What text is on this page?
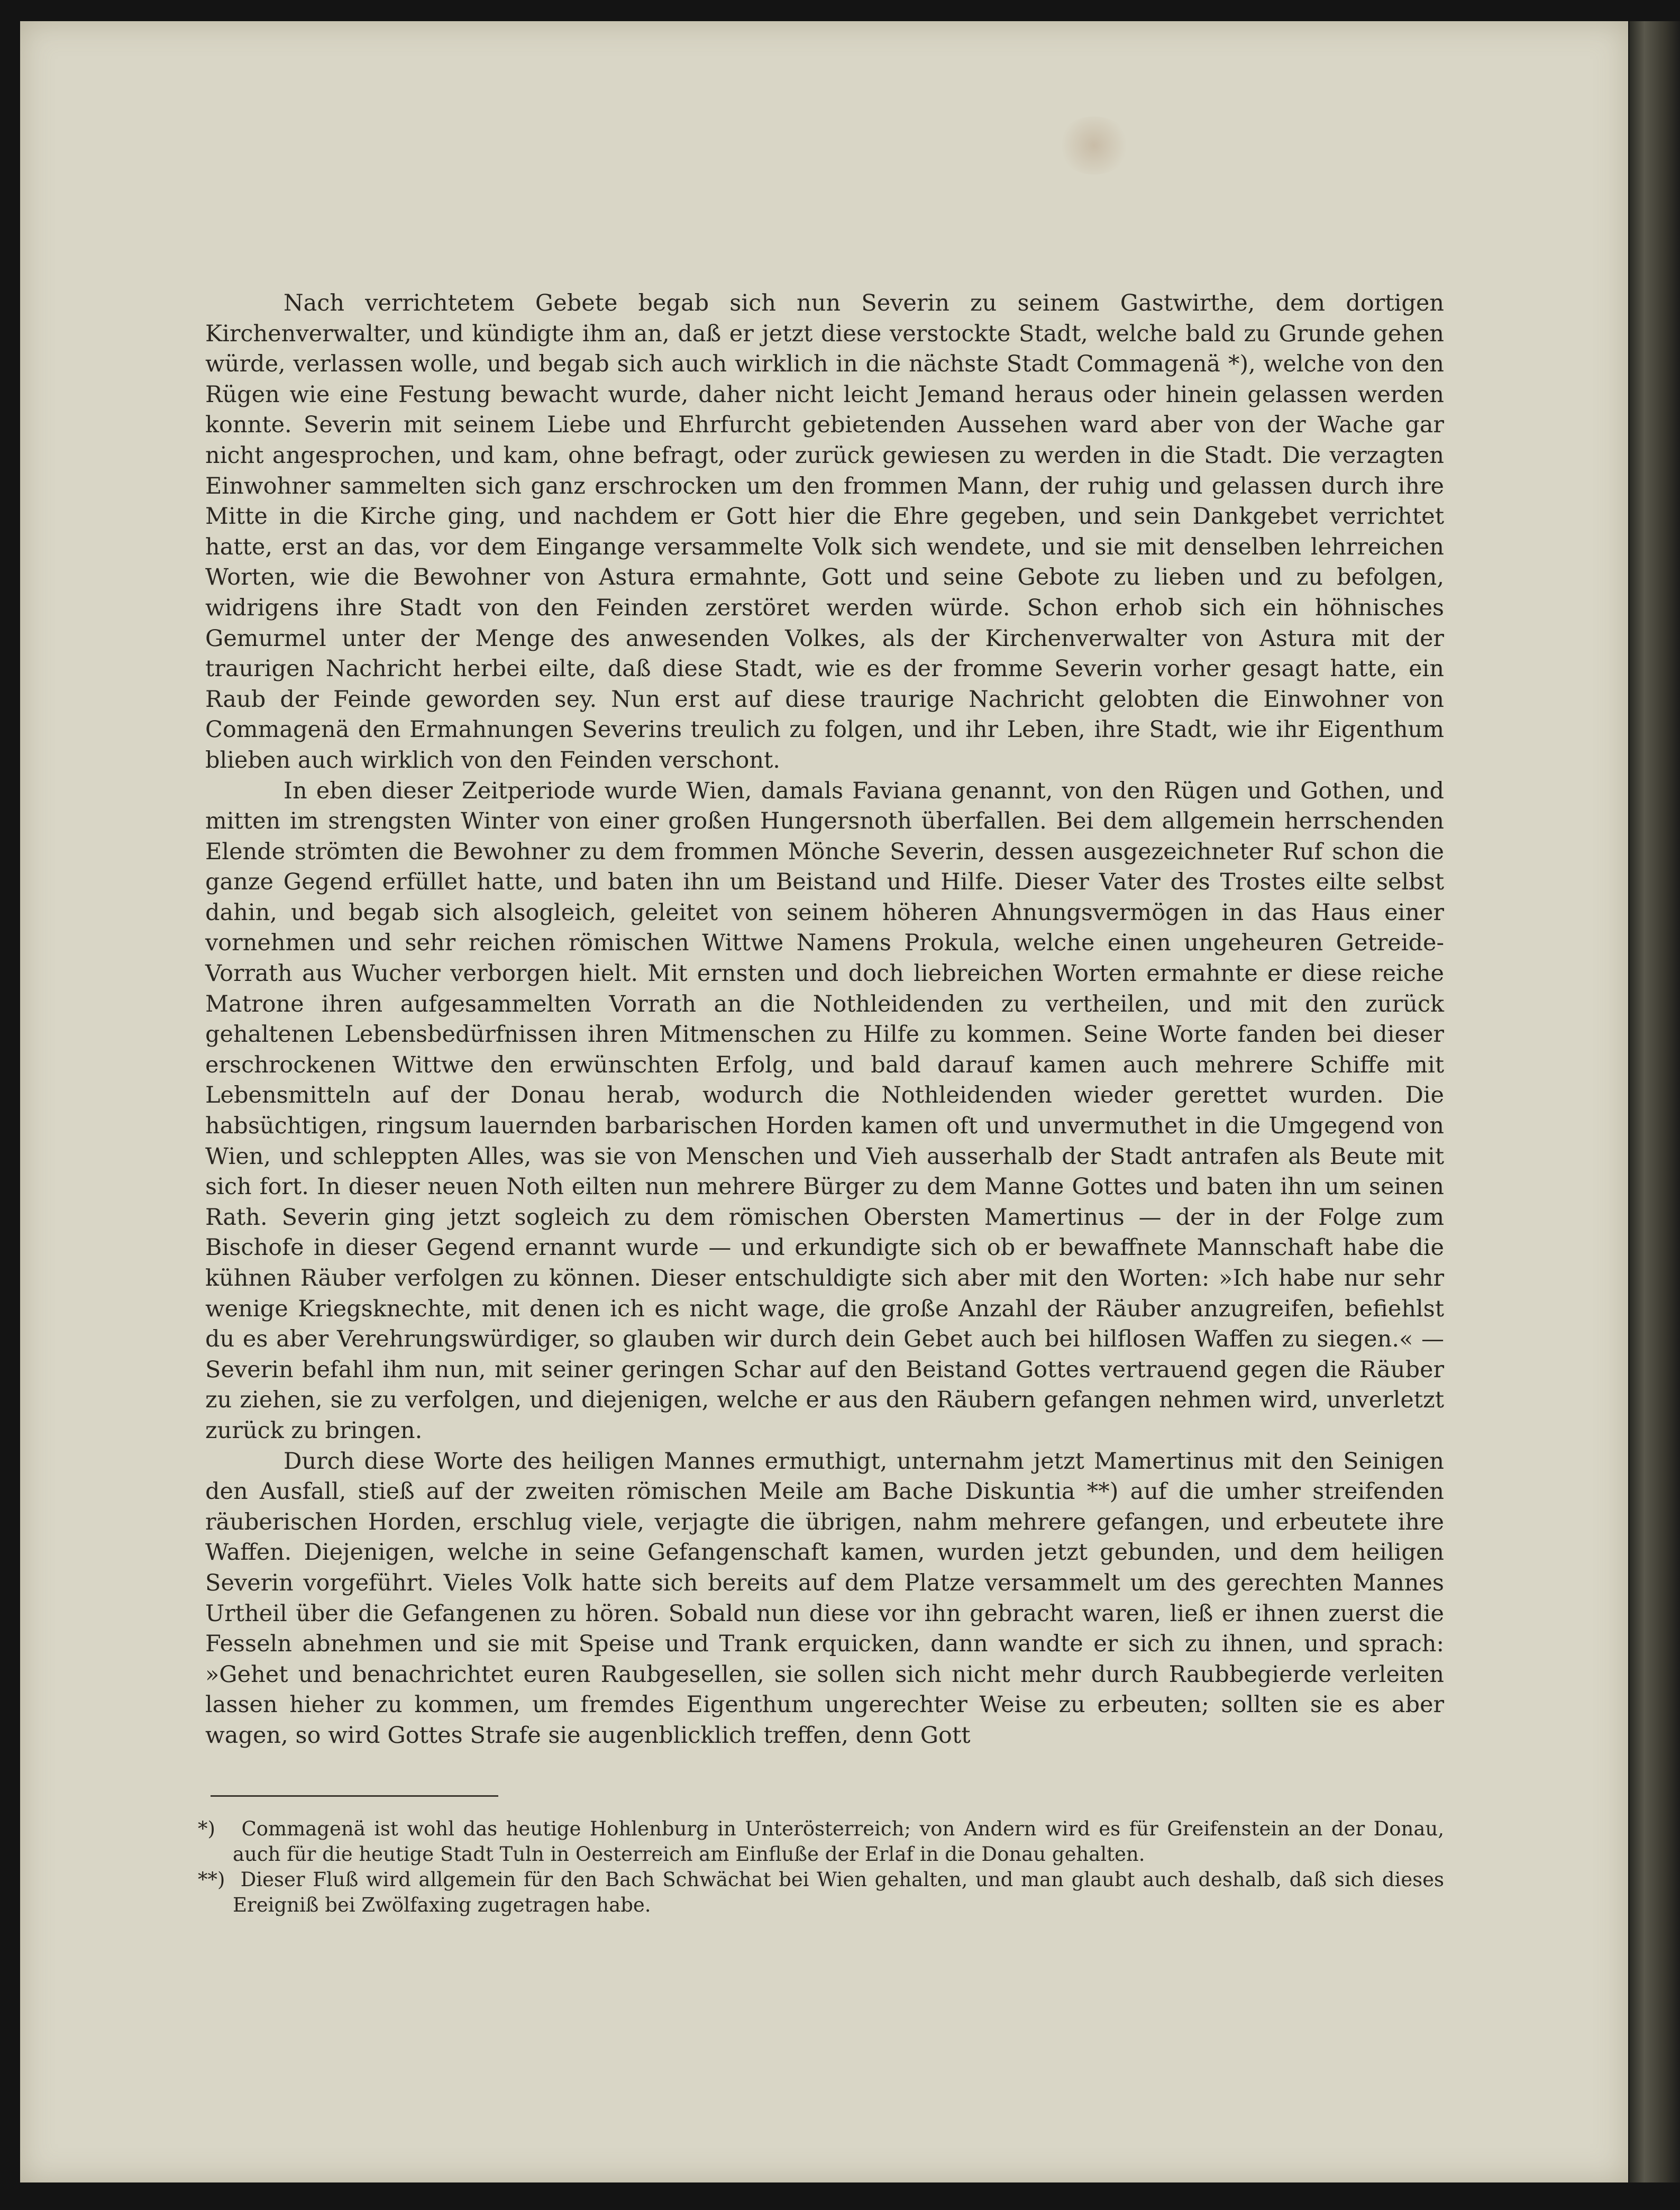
Nach verrichtetem Gebete begab sich nun Severin zu seinem Gastwirthe, dem dortigen Kirchenverwalter, und kündigte ihm an, daß er jetzt diese verstockte Stadt, welche bald zu Grunde gehen würde, verlassen wolle, und begab sich auch wirklich in die nächste Stadt Commagenä *), welche von den Rügen wie eine Festung bewacht wurde, daher nicht leicht Jemand heraus oder hinein gelassen werden konnte. Severin mit seinem Liebe und Ehrfurcht gebietenden Aussehen ward aber von der Wache gar nicht angesprochen, und kam, ohne befragt, oder zurück gewiesen zu werden in die Stadt. Die verzagten Einwohner sammelten sich ganz erschrocken um den frommen Mann, der ruhig und gelassen durch ihre Mitte in die Kirche ging, und nachdem er Gott hier die Ehre gegeben, und sein Dankgebet verrichtet hatte, erst an das, vor dem Eingange versammelte Volk sich wendete, und sie mit denselben lehrreichen Worten, wie die Bewohner von Astura ermahnte, Gott und seine Gebote zu lieben und zu befolgen, widrigens ihre Stadt von den Feinden zerstöret werden würde. Schon erhob sich ein höhnisches Gemurmel unter der Menge des anwesenden Volkes, als der Kirchenverwalter von Astura mit der traurigen Nachricht herbei eilte, daß diese Stadt, wie es der fromme Severin vorher gesagt hatte, ein Raub der Feinde geworden sey. Nun erst auf diese traurige Nachricht gelobten die Einwohner von Commagenä den Ermahnungen Severins treulich zu folgen, und ihr Leben, ihre Stadt, wie ihr Eigenthum blieben auch wirklich von den Feinden verschont.

In eben dieser Zeitperiode wurde Wien, damals Faviana genannt, von den Rügen und Gothen, und mitten im strengsten Winter von einer großen Hungersnoth überfallen. Bei dem allgemein herrschenden Elende strömten die Bewohner zu dem frommen Mönche Severin, dessen ausgezeichneter Ruf schon die ganze Gegend erfüllet hatte, und baten ihn um Beistand und Hilfe. Dieser Vater des Trostes eilte selbst dahin, und begab sich alsogleich, geleitet von seinem höheren Ahnungsvermögen in das Haus einer vornehmen und sehr reichen römischen Wittwe Namens Prokula, welche einen ungeheuren Getreide-Vorrath aus Wucher verborgen hielt. Mit ernsten und doch liebreichen Worten ermahnte er diese reiche Matrone ihren aufgesammelten Vorrath an die Nothleidenden zu vertheilen, und mit den zurück gehaltenen Lebensbedürfnissen ihren Mitmenschen zu Hilfe zu kommen. Seine Worte fanden bei dieser erschrockenen Wittwe den erwünschten Erfolg, und bald darauf kamen auch mehrere Schiffe mit Lebensmitteln auf der Donau herab, wodurch die Nothleidenden wieder gerettet wurden. Die habsüchtigen, ringsum lauernden barbarischen Horden kamen oft und unvermuthet in die Umgegend von Wien, und schleppten Alles, was sie von Menschen und Vieh ausserhalb der Stadt antrafen als Beute mit sich fort. In dieser neuen Noth eilten nun mehrere Bürger zu dem Manne Gottes und baten ihn um seinen Rath. Severin ging jetzt sogleich zu dem römischen Obersten Mamertinus — der in der Folge zum Bischofe in dieser Gegend ernannt wurde — und erkundigte sich ob er bewaffnete Mannschaft habe die kühnen Räuber verfolgen zu können. Dieser entschuldigte sich aber mit den Worten: »Ich habe nur sehr wenige Kriegsknechte, mit denen ich es nicht wage, die große Anzahl der Räuber anzugreifen, befiehlst du es aber Verehrungswürdiger, so glauben wir durch dein Gebet auch bei hilflosen Waffen zu siegen.« — Severin befahl ihm nun, mit seiner geringen Schar auf den Beistand Gottes vertrauend gegen die Räuber zu ziehen, sie zu verfolgen, und diejenigen, welche er aus den Räubern gefangen nehmen wird, unverletzt zurück zu bringen.

Durch diese Worte des heiligen Mannes ermuthigt, unternahm jetzt Mamertinus mit den Seinigen den Ausfall, stieß auf der zweiten römischen Meile am Bache Diskuntia **) auf die umher streifenden räuberischen Horden, erschlug viele, verjagte die übrigen, nahm mehrere gefangen, und erbeutete ihre Waffen. Diejenigen, welche in seine Gefangenschaft kamen, wurden jetzt gebunden, und dem heiligen Severin vorgeführt. Vieles Volk hatte sich bereits auf dem Platze versammelt um des gerechten Mannes Urtheil über die Gefangenen zu hören. Sobald nun diese vor ihn gebracht waren, ließ er ihnen zuerst die Fesseln abnehmen und sie mit Speise und Trank erquicken, dann wandte er sich zu ihnen, und sprach: »Gehet und benachrichtet euren Raubgesellen, sie sollen sich nicht mehr durch Raubbegierde verleiten lassen hieher zu kommen, um fremdes Eigenthum ungerechter Weise zu erbeuten; sollten sie es aber wagen, so wird Gottes Strafe sie augenblicklich treffen, denn Gott

*) Commagenä ist wohl das heutige Hohlenburg in Unterösterreich; von Andern wird es für Greifenstein an der Donau, auch für die heutige Stadt Tuln in Oesterreich am Einfluße der Erlaf in die Donau gehalten.

**) Dieser Fluß wird allgemein für den Bach Schwächat bei Wien gehalten, und man glaubt auch deshalb, daß sich dieses Ereigniß bei Zwölfaxing zugetragen habe.
